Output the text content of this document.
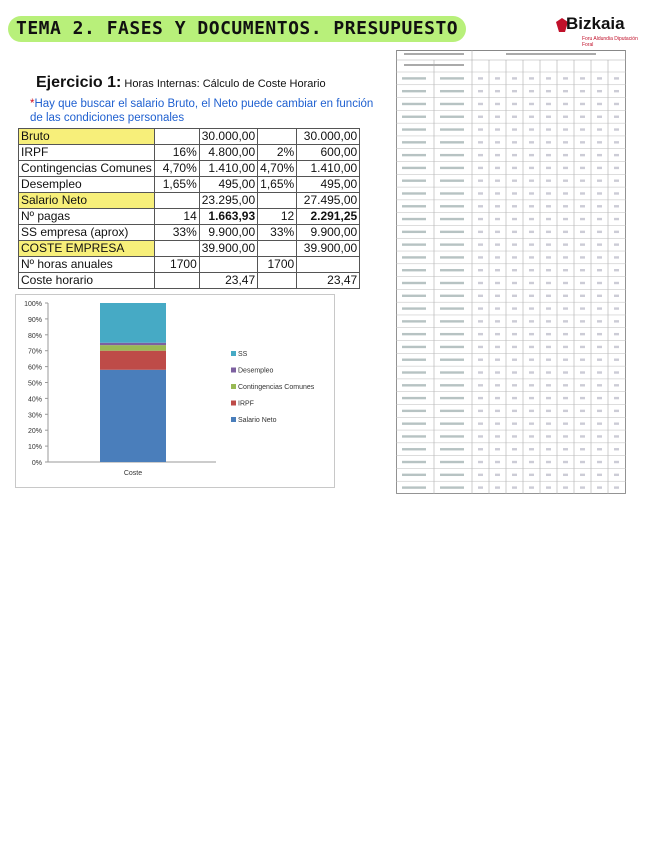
TEMA 2. FASES Y DOCUMENTOS. PRESUPUESTO	Bizkaia
Foru Aldundia Diputación Foral
Ejercicio 1: Horas Internas: Cálculo de Coste Horario
*Hay que buscar el salario Bruto, el Neto puede cambiar en función de las condiciones personales
Bruto		30.000,00		30.000,00
IRPF	16%	4.800,00	2%	600,00
Contingencias Comunes	4,70%	1.410,00	4,70%	1.410,00
Desempleo	1,65%	495,00	1,65%	495,00
Salario Neto		23.295,00		27.495,00
Nº pagas	14	1.663,93	12	2.291,25
SS empresa (aprox)	33%	9.900,00	33%	9.900,00
COSTE EMPRESA		39.900,00		39.900,00
Nº horas anuales	1700		1700	
Coste horario		23,47		23,47
0%
10%
20%
30%
40%
50%
60%
70%
80%
90%
100%
Coste
SS
Desempleo
Contingencias Comunes
IRPF
Salario Neto
